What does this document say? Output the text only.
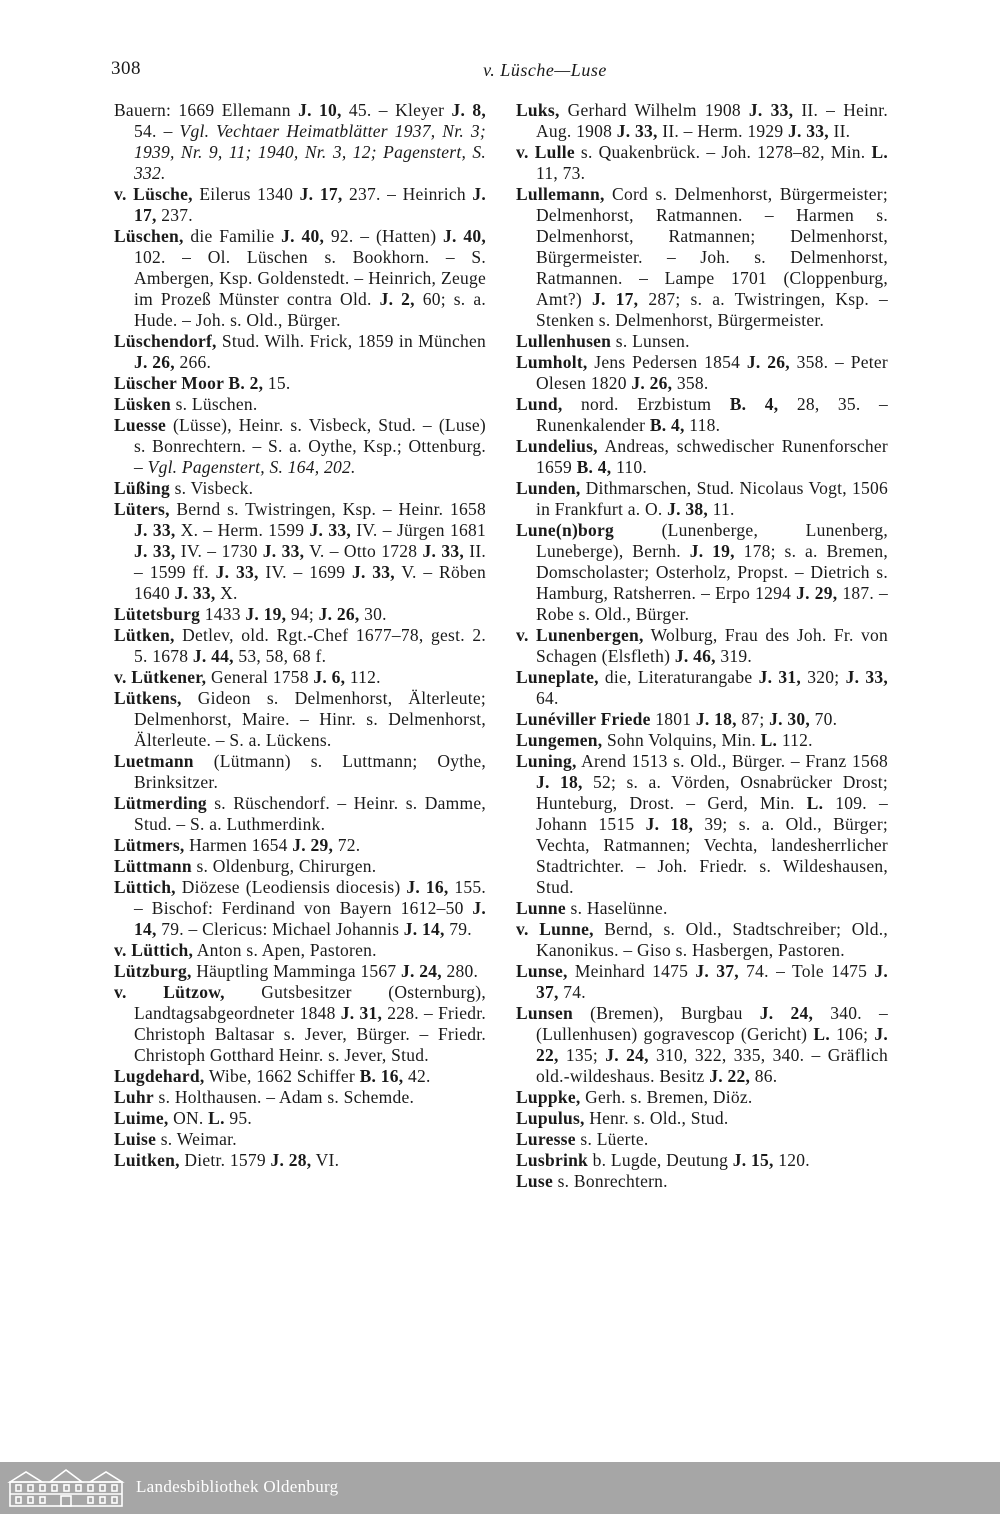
308	v. Lüsche—Luse

Bauern: 1669 Ellemann J. 10, 45. – Kleyer J. 8, 54. – Vgl. Vechtaer Heimatblätter 1937, Nr. 3; 1939, Nr. 9, 11; 1940, Nr. 3, 12; Pagenstert, S. 332.

v. Lüsche, Eilerus 1340 J. 17, 237. – Heinrich J. 17, 237.

Lüschen, die Familie J. 40, 92. – (Hatten) J. 40, 102. – Ol. Lüschen s. Bookhorn. – S. Ambergen, Ksp. Goldenstedt. – Heinrich, Zeuge im Prozeß Münster contra Old. J. 2, 60; s. a. Hude. – Joh. s. Old., Bürger.

Lüschendorf, Stud. Wilh. Frick, 1859 in München J. 26, 266.

Lüscher Moor B. 2, 15.

Lüsken s. Lüschen.

Luesse (Lüsse), Heinr. s. Visbeck, Stud. – (Luse) s. Bonrechtern. – S. a. Oythe, Ksp.; Ottenburg. – Vgl. Pagenstert, S. 164, 202.

Lüßing s. Visbeck.

Lüters, Bernd s. Twistringen, Ksp. – Heinr. 1658 J. 33, X. – Herm. 1599 J. 33, IV. – Jürgen 1681 J. 33, IV. – 1730 J. 33, V. – Otto 1728 J. 33, II. – 1599 ff. J. 33, IV. – 1699 J. 33, V. – Röben 1640 J. 33, X.

Lütetsburg 1433 J. 19, 94; J. 26, 30.

Lütken, Detlev, old. Rgt.-Chef 1677–78, gest. 2. 5. 1678 J. 44, 53, 58, 68 f.

v. Lütkener, General 1758 J. 6, 112.

Lütkens, Gideon s. Delmenhorst, Älterleute; Delmenhorst, Maire. – Hinr. s. Delmenhorst, Älterleute. – S. a. Lückens.

Luetmann (Lütmann) s. Luttmann; Oythe, Brinksitzer.

Lütmerding s. Rüschendorf. – Heinr. s. Damme, Stud. – S. a. Luthmerdink.

Lütmers, Harmen 1654 J. 29, 72.

Lüttmann s. Oldenburg, Chirurgen.

Lüttich, Diözese (Leodiensis diocesis) J. 16, 155. – Bischof: Ferdinand von Bayern 1612–50 J. 14, 79. – Clericus: Michael Johannis J. 14, 79.

v. Lüttich, Anton s. Apen, Pastoren.

Lützburg, Häuptling Mamminga 1567 J. 24, 280.

v. Lützow, Gutsbesitzer (Osternburg), Landtagsabgeordneter 1848 J. 31, 228. – Friedr. Christoph Baltasar s. Jever, Bürger. – Friedr. Christoph Gotthard Heinr. s. Jever, Stud.

Lugdehard, Wibe, 1662 Schiffer B. 16, 42.

Luhr s. Holthausen. – Adam s. Schemde.

Luime, ON. L. 95.

Luise s. Weimar.

Luitken, Dietr. 1579 J. 28, VI.

Luks, Gerhard Wilhelm 1908 J. 33, II. – Heinr. Aug. 1908 J. 33, II. – Herm. 1929 J. 33, II.

v. Lulle s. Quakenbrück. – Joh. 1278–82, Min. L. 11, 73.

Lullemann, Cord s. Delmenhorst, Bürgermeister; Delmenhorst, Ratmannen. – Harmen s. Delmenhorst, Ratmannen; Delmenhorst, Bürgermeister. – Joh. s. Delmenhorst, Ratmannen. – Lampe 1701 (Cloppenburg, Amt?) J. 17, 287; s. a. Twistringen, Ksp. – Stenken s. Delmenhorst, Bürgermeister.

Lullenhusen s. Lunsen.

Lumholt, Jens Pedersen 1854 J. 26, 358. – Peter Olesen 1820 J. 26, 358.

Lund, nord. Erzbistum B. 4, 28, 35. – Runenkalender B. 4, 118.

Lundelius, Andreas, schwedischer Runenforscher 1659 B. 4, 110.

Lunden, Dithmarschen, Stud. Nicolaus Vogt, 1506 in Frankfurt a. O. J. 38, 11.

Lune(n)borg (Lunenberge, Lunenberg, Luneberge), Bernh. J. 19, 178; s. a. Bremen, Domscholaster; Osterholz, Propst. – Dietrich s. Hamburg, Ratsherren. – Erpo 1294 J. 29, 187. – Robe s. Old., Bürger.

v. Lunenbergen, Wolburg, Frau des Joh. Fr. von Schagen (Elsfleth) J. 46, 319.

Luneplate, die, Literaturangabe J. 31, 320; J. 33, 64.

Lunéviller Friede 1801 J. 18, 87; J. 30, 70.

Lungemen, Sohn Volquins, Min. L. 112.

Luning, Arend 1513 s. Old., Bürger. – Franz 1568 J. 18, 52; s. a. Vörden, Osnabrücker Drost; Hunteburg, Drost. – Gerd, Min. L. 109. – Johann 1515 J. 18, 39; s. a. Old., Bürger; Vechta, Ratmannen; Vechta, landesherrlicher Stadtrichter. – Joh. Friedr. s. Wildeshausen, Stud.

Lunne s. Haselünne.

v. Lunne, Bernd, s. Old., Stadtschreiber; Old., Kanonikus. – Giso s. Hasbergen, Pastoren.

Lunse, Meinhard 1475 J. 37, 74. – Tole 1475 J. 37, 74.

Lunsen (Bremen), Burgbau J. 24, 340. – (Lullenhusen) gogravescop (Gericht) L. 106; J. 22, 135; J. 24, 310, 322, 335, 340. – Gräflich old.-wildeshaus. Besitz J. 22, 86.

Luppke, Gerh. s. Bremen, Diöz.

Lupulus, Henr. s. Old., Stud.

Luresse s. Lüerte.

Lusbrink b. Lugde, Deutung J. 15, 120.

Luse s. Bonrechtern.

Landesbibliothek Oldenburg
